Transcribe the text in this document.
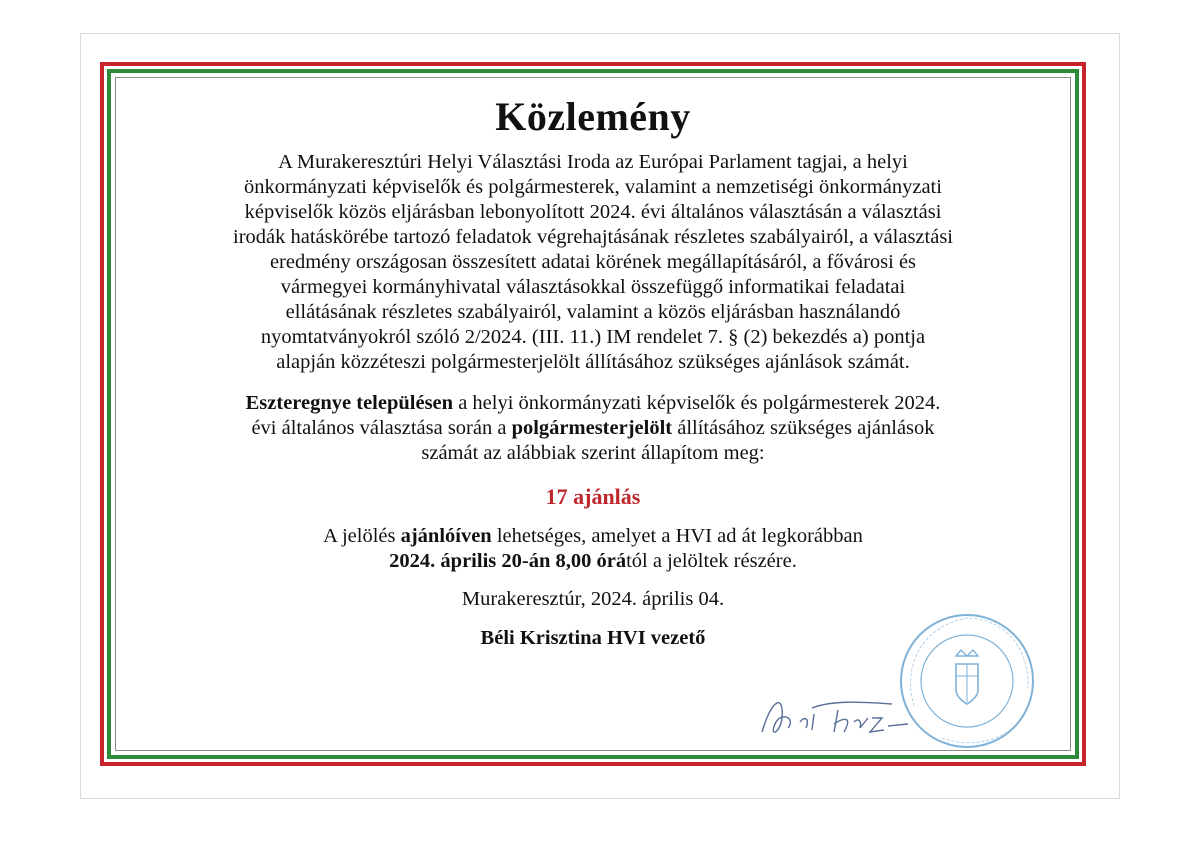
Közlemény
A Murakeresztúri Helyi Választási Iroda az Európai Parlament tagjai, a helyi önkormányzati képviselők és polgármesterek, valamint a nemzetiségi önkormányzati képviselők közös eljárásban lebonyolított 2024. évi általános választásán a választási irodák hatáskörébe tartozó feladatok végrehajtásának részletes szabályairól, a választási eredmény országosan összesített adatai körének megállapításáról, a fővárosi és vármegyei kormányhivatal választásokkal összefüggő informatikai feladatai ellátásának részletes szabályairól, valamint a közös eljárásban használandó nyomtatványokról szóló 2/2024. (III. 11.) IM rendelet 7. § (2) bekezdés a) pontja alapján közzéteszi polgármesterjelölt állításához szükséges ajánlások számát.
Eszteregnye településen a helyi önkormányzati képviselők és polgármesterek 2024. évi általános választása során a polgármesterjelölt állításához szükséges ajánlások számát az alábbiak szerint állapítom meg:
17 ajánlás
A jelölés ajánlóíven lehetséges, amelyet a HVI ad át legkorábban
2024. április 20-án 8,00 órától a jelöltek részére.
Murakeresztúr, 2024. április 04.
Béli Krisztina HVI vezető
